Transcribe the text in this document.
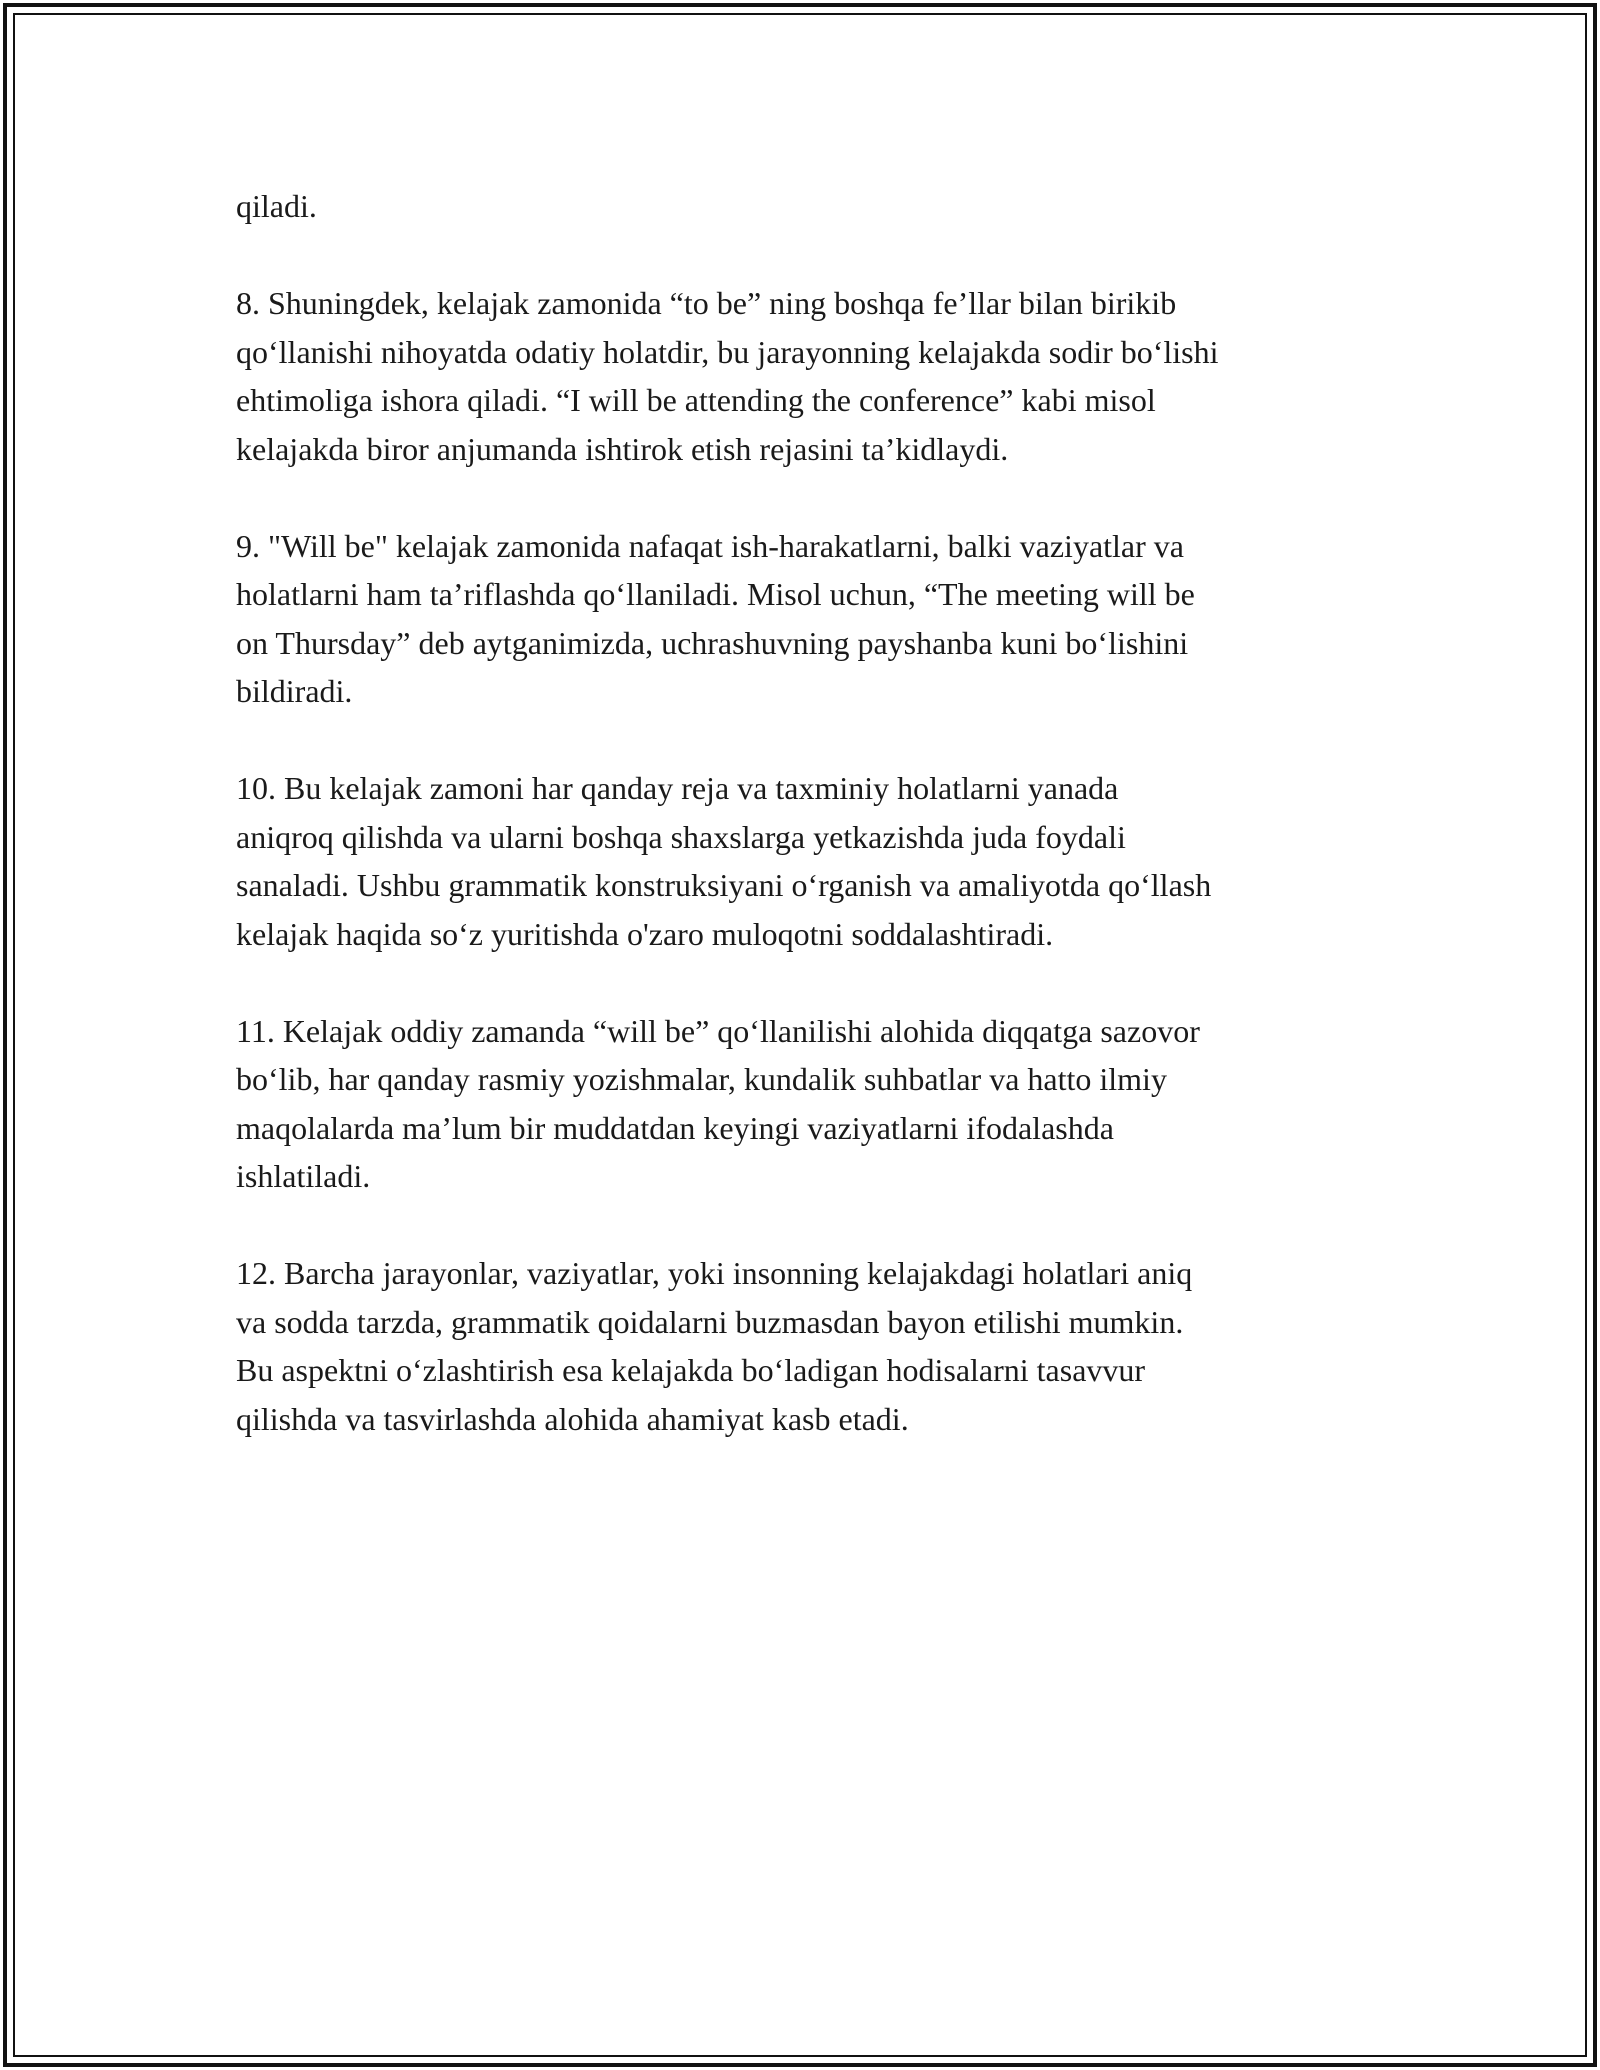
qiladi.

8. Shuningdek, kelajak zamonida “to be” ning boshqa fe’llar bilan birikib
qo‘llanishi nihoyatda odatiy holatdir, bu jarayonning kelajakda sodir bo‘lishi
ehtimoliga ishora qiladi. “I will be attending the conference” kabi misol
kelajakda biror anjumanda ishtirok etish rejasini ta’kidlaydi.

9. "Will be" kelajak zamonida nafaqat ish-harakatlarni, balki vaziyatlar va
holatlarni ham ta’riflashda qo‘llaniladi. Misol uchun, “The meeting will be
on Thursday” deb aytganimizda, uchrashuvning payshanba kuni bo‘lishini
bildiradi.

10. Bu kelajak zamoni har qanday reja va taxminiy holatlarni yanada
aniqroq qilishda va ularni boshqa shaxslarga yetkazishda juda foydali
sanaladi. Ushbu grammatik konstruksiyani o‘rganish va amaliyotda qo‘llash
kelajak haqida so‘z yuritishda o'zaro muloqotni soddalashtiradi.

11. Kelajak oddiy zamanda “will be” qo‘llanilishi alohida diqqatga sazovor
bo‘lib, har qanday rasmiy yozishmalar, kundalik suhbatlar va hatto ilmiy
maqolalarda ma’lum bir muddatdan keyingi vaziyatlarni ifodalashda
ishlatiladi.

12. Barcha jarayonlar, vaziyatlar, yoki insonning kelajakdagi holatlari aniq
va sodda tarzda, grammatik qoidalarni buzmasdan bayon etilishi mumkin.
Bu aspektni o‘zlashtirish esa kelajakda bo‘ladigan hodisalarni tasavvur
qilishda va tasvirlashda alohida ahamiyat kasb etadi.
